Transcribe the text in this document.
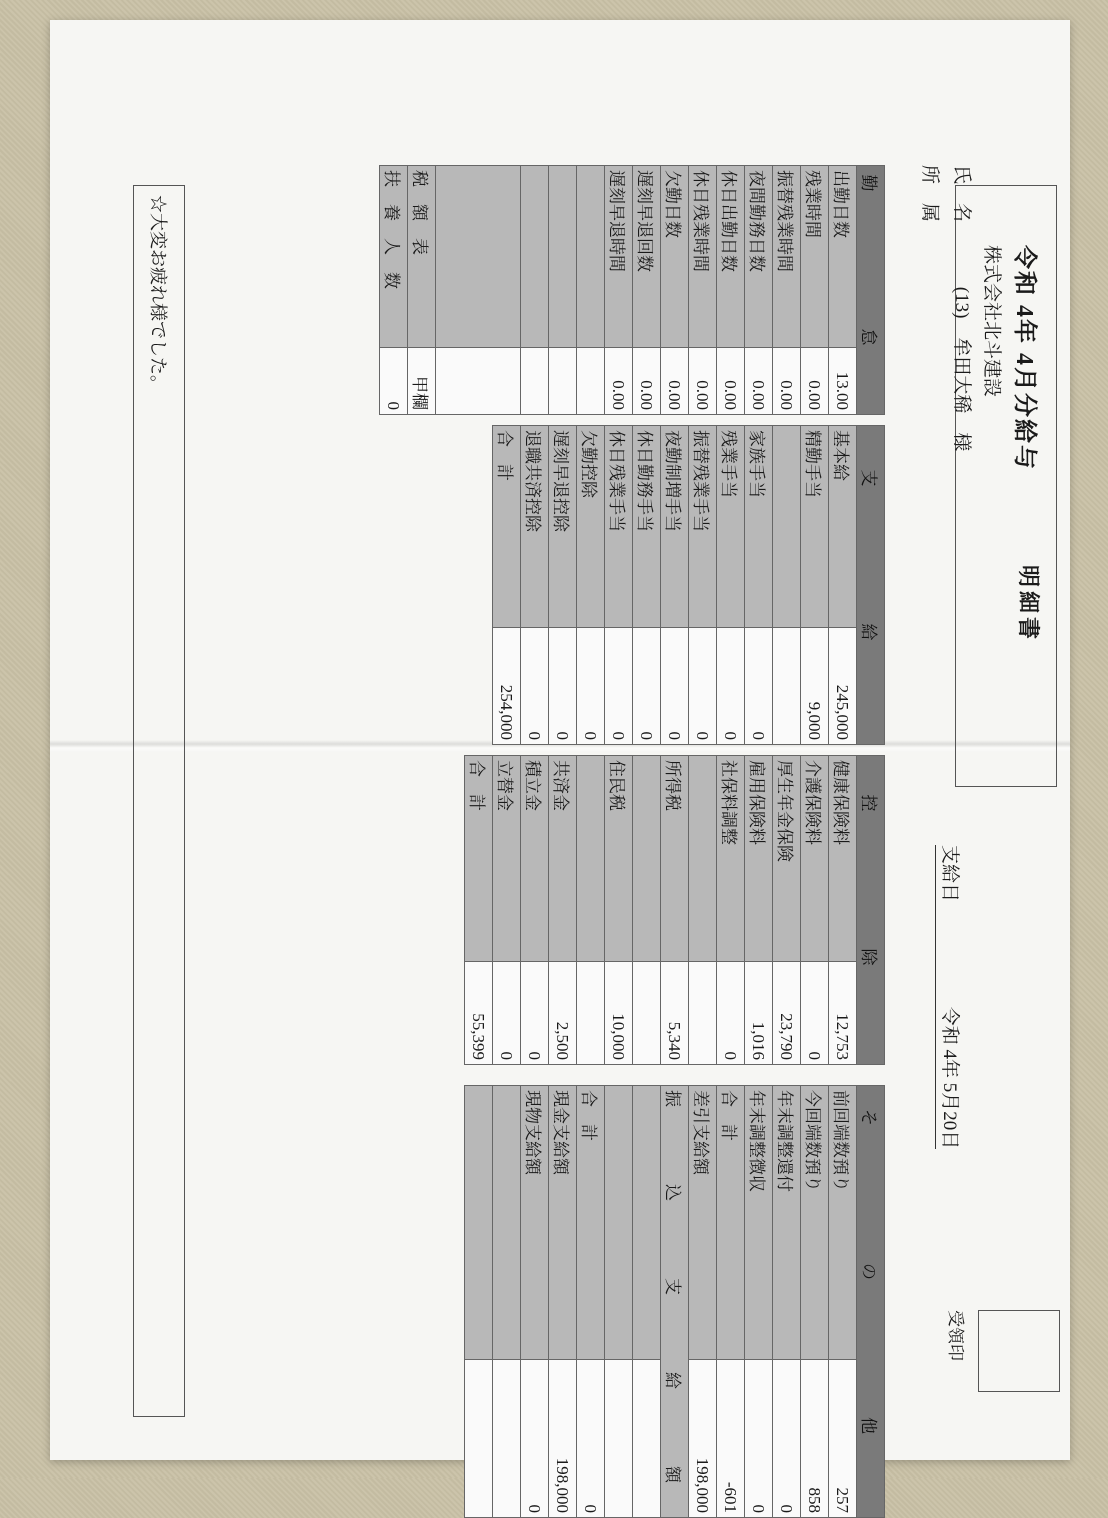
令和 4年 4月分給与
明細書
株式会社北斗建設
氏　名 (13)　牟田大稀　様
所　属
支給日 令和 4年 5月20日
受領印
勤　怠	
出勤日数	13.00
残業時間	0.00
振替残業時間	0.00
夜間勤務日数	0.00
休日出勤日数	0.00
休日残業時間	0.00
欠勤日数	0.00
遅刻早退回数	0.00
遅刻早退時間	0.00

税　額　表	甲欄
扶　養　人　数	0
支　給	
基本給	245,000
精勤手当	9,000

家族手当	0
残業手当	0
振替残業手当	0
夜勤制増手当	0
休日勤務手当	0
休日残業手当	0
欠勤控除	0
遅刻早退控除	0
退職共済控除	0
合　計	254,000
控　除	
健康保険料	12,753
介護保険料	0
厚生年金保険	23,790
雇用保険料	1,016
社保料調整	0

所得税	5,340

住民税	10,000

共済金	2,500
積立金	0
立替金	0
合　計	55,399
そ　の　他	
前回端数預り	257
今回端数預り	858
年末調整還付	0
年末調整徴収	0
合　計	-601
差引支給額	198,000
振　込　支　給　額	

合　計	0
現金支給額	198,000
現物支給額	0

☆大変お疲れ様でした。
